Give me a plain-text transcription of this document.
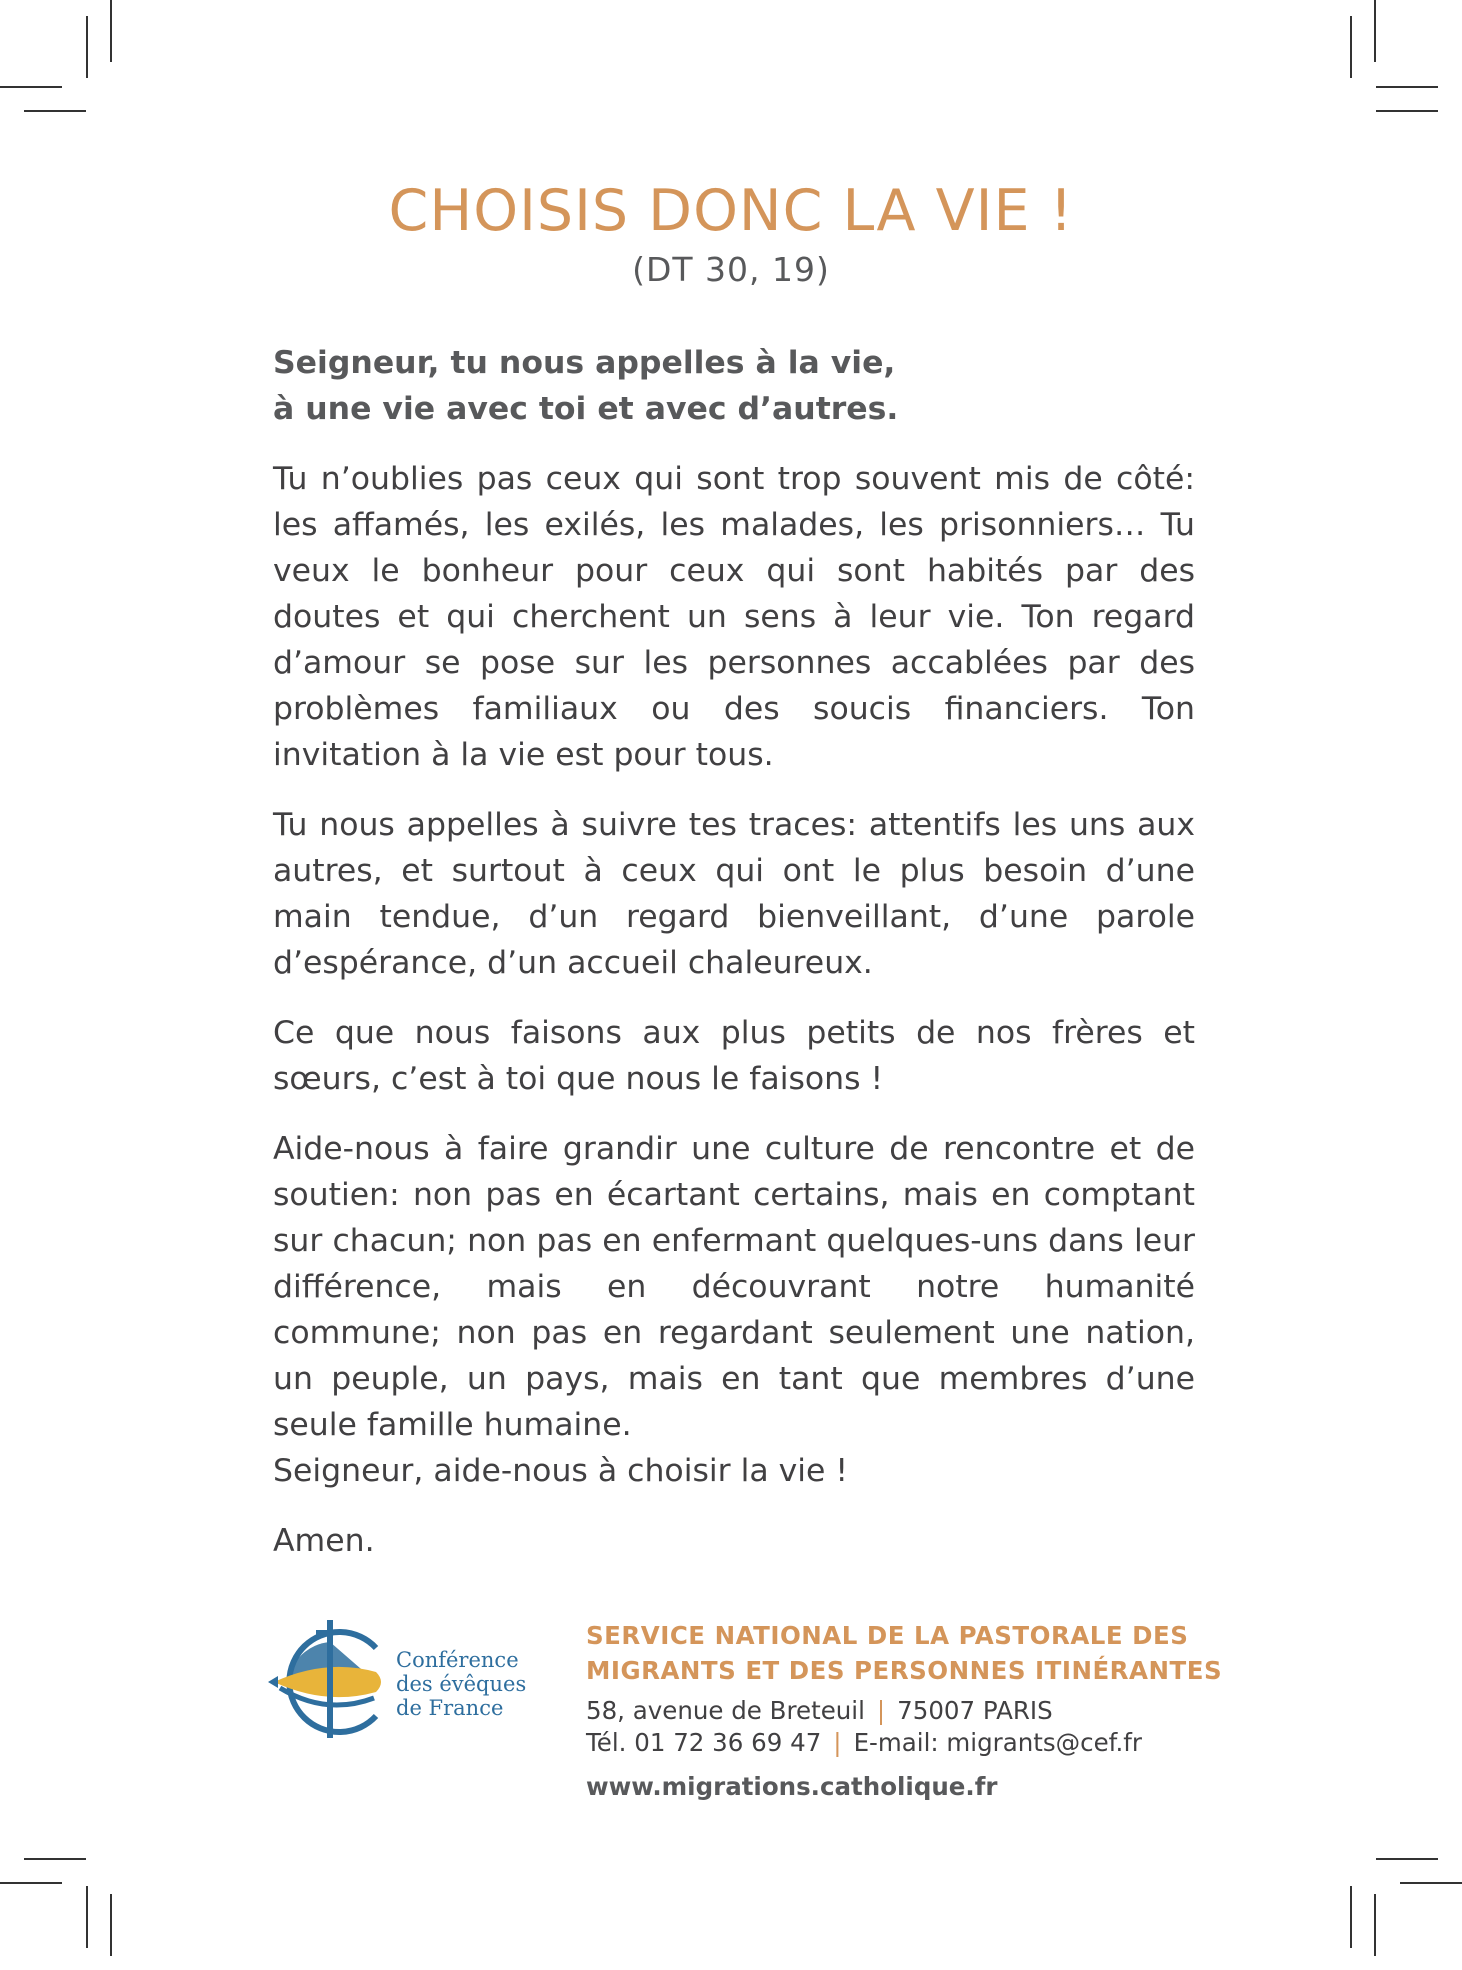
CHOISIS DONC LA VIE !
(DT 30, 19)

Seigneur, tu nous appelles à la vie,
à une vie avec toi et avec d’autres.

Tu n’oublies pas ceux qui sont trop souvent mis de côté: les affamés, les exilés, les malades, les prisonniers… Tu veux le bonheur pour ceux qui sont habités par des doutes et qui cherchent un sens à leur vie. Ton regard d’amour se pose sur les personnes accablées par des problèmes familiaux ou des soucis financiers. Ton invitation à la vie est pour tous.

Tu nous appelles à suivre tes traces: attentifs les uns aux autres, et surtout à ceux qui ont le plus besoin d’une main tendue, d’un regard bienveillant, d’une parole d’espérance, d’un accueil chaleureux.

Ce que nous faisons aux plus petits de nos frères et sœurs, c’est à toi que nous le faisons !

Aide-nous à faire grandir une culture de rencontre et de soutien: non pas en écartant certains, mais en comptant sur chacun; non pas en enfermant quelques-uns dans leur différence, mais en découvrant notre humanité commune; non pas en regardant seulement une nation, un peuple, un pays, mais en tant que membres d’une seule famille humaine.
Seigneur, aide-nous à choisir la vie !

Amen.

Conférence
des évêques
de France
SERVICE NATIONAL DE LA PASTORALE DES
MIGRANTS ET DES PERSONNES ITINÉRANTES
58, avenue de Breteuil | 75007 PARIS
Tél. 01 72 36 69 47 | E-mail: migrants@cef.fr
www.migrations.catholique.fr
